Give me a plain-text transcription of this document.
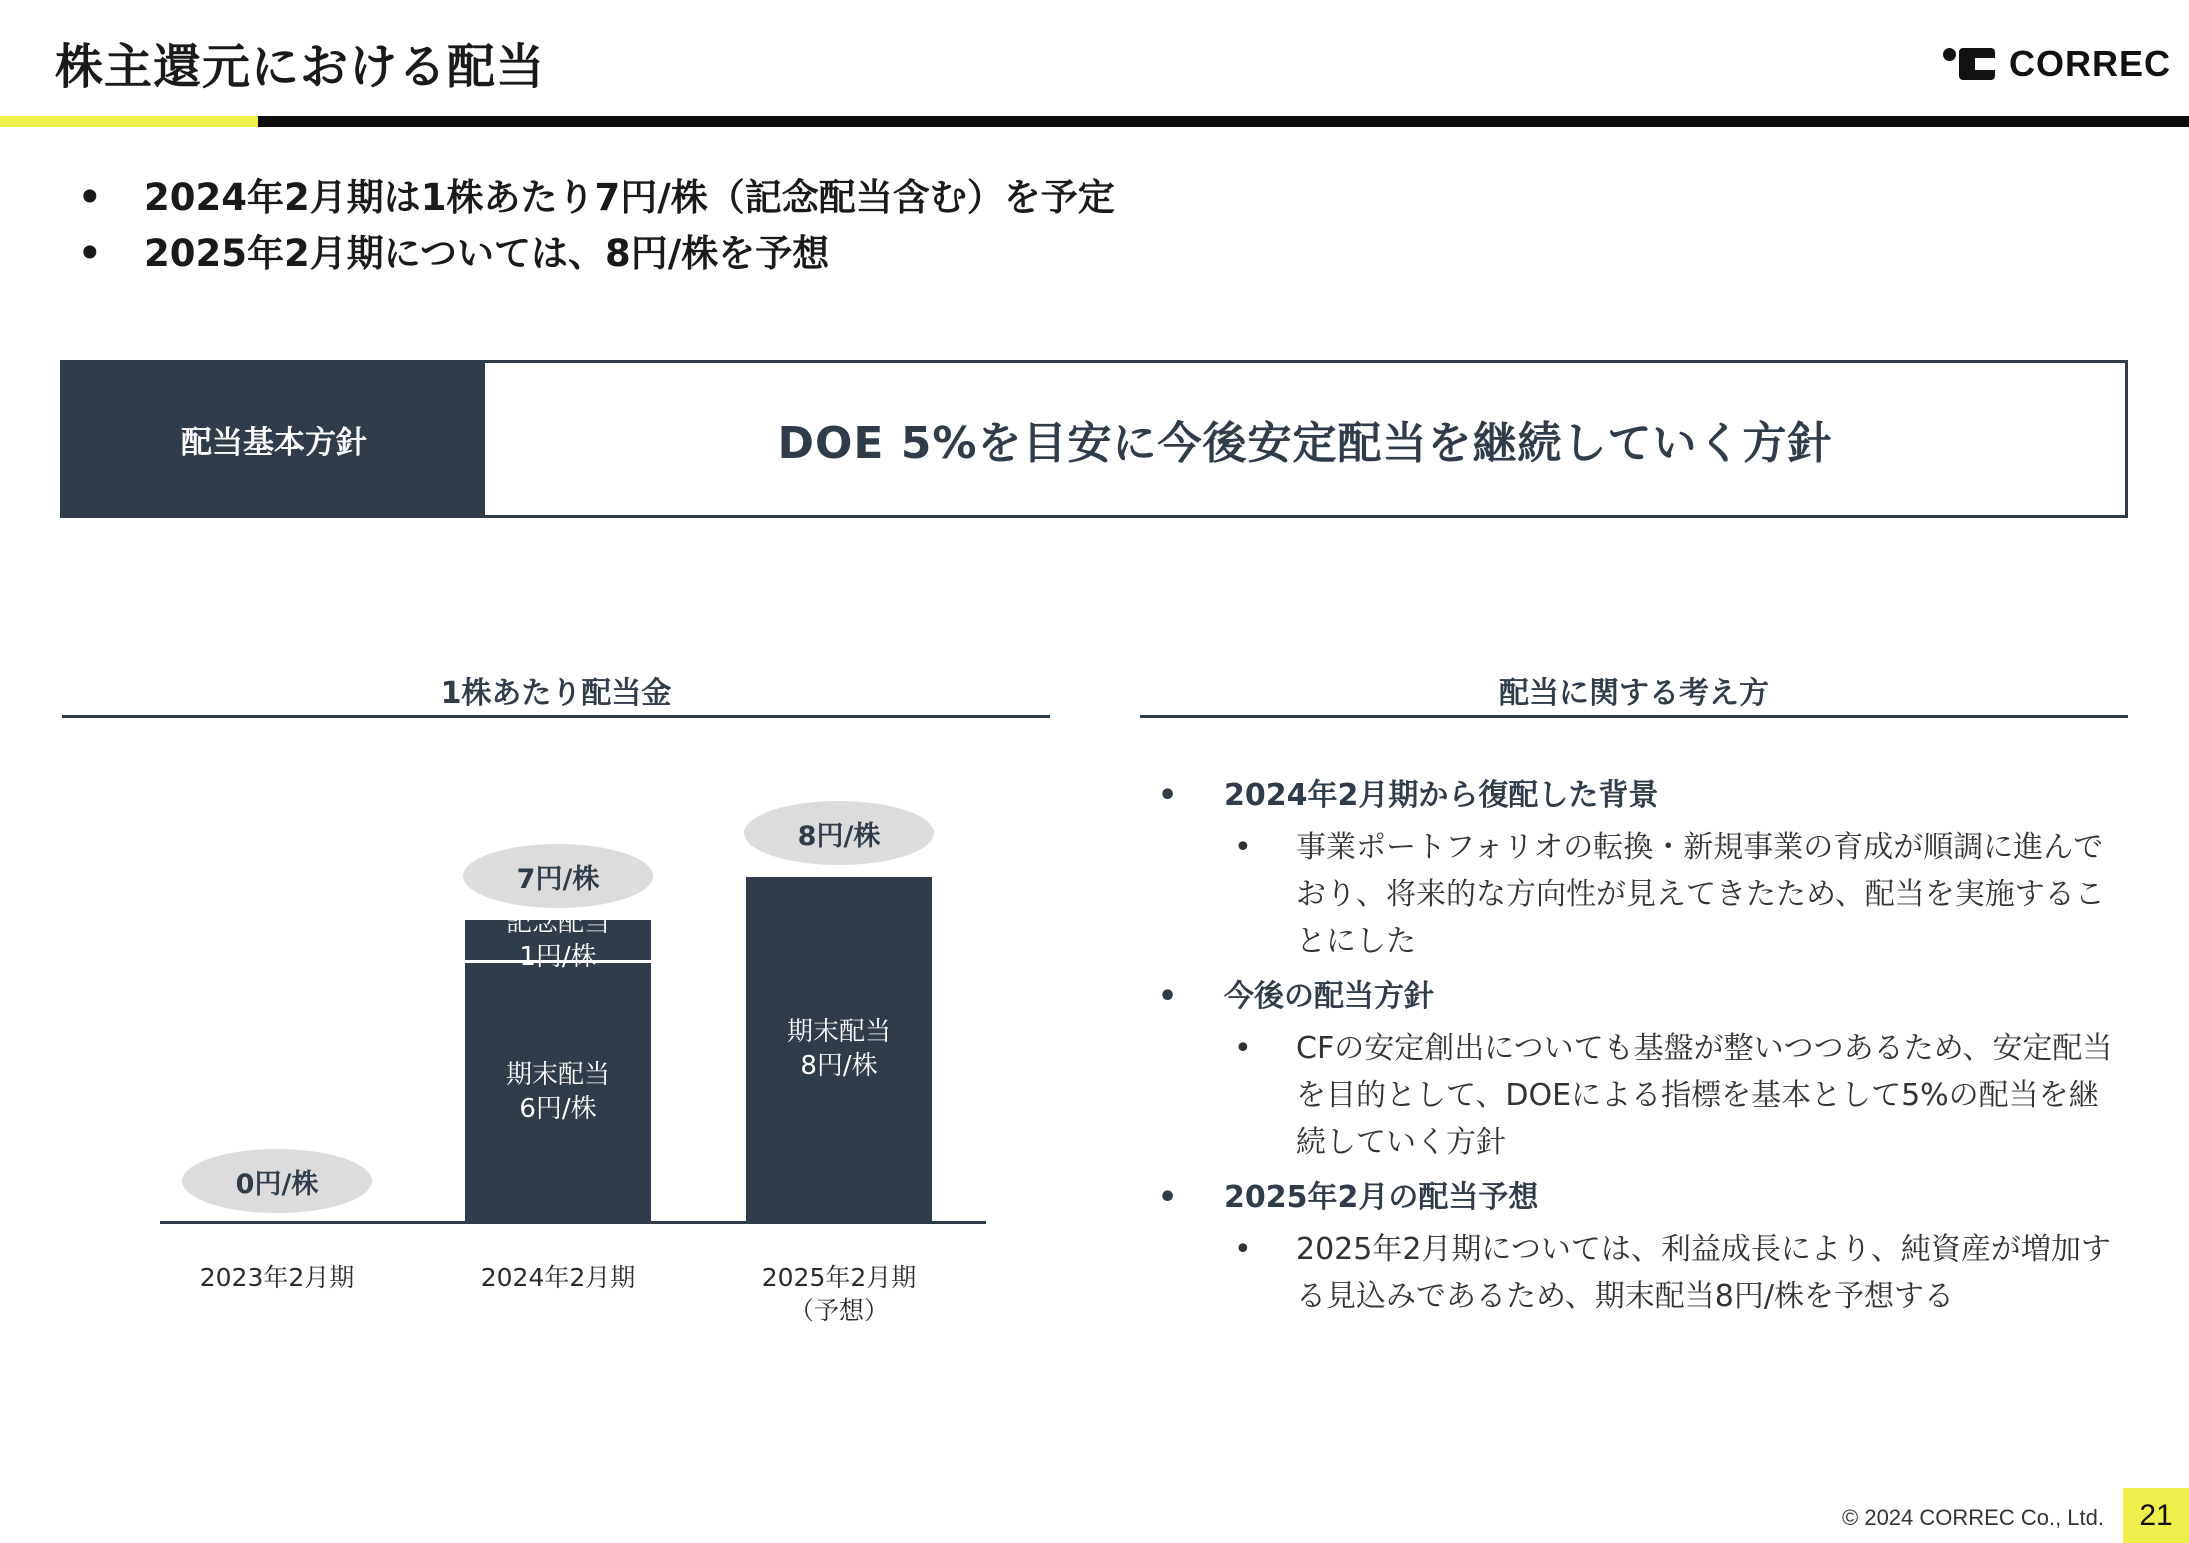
株主還元における配当	CORREC
• 2024年2月期は1株あたり7円/株（記念配当含む）を予定
• 2025年2月期については、8円/株を予想
配当基本方針	DOE 5%を目安に今後安定配当を継続していく方針
1株あたり配当金	配当に関する考え方
0円/株
2023年2月期
期末配当
6円/株
記念配当
1円/株
7円/株
2024年2月期
期末配当
8円/株
8円/株
2025年2月期
（予想）
• 2024年2月期から復配した背景
• 事業ポートフォリオの転換・新規事業の育成が順調に進んでおり、将来的な方向性が見えてきたため、配当を実施することにした
• 今後の配当方針
• CFの安定創出についても基盤が整いつつあるため、安定配当を目的として、DOEによる指標を基本として5%の配当を継続していく方針
• 2025年2月の配当予想
• 2025年2月期については、利益成長により、純資産が増加する見込みであるため、期末配当8円/株を予想する
© 2024 CORREC Co., Ltd.	21
